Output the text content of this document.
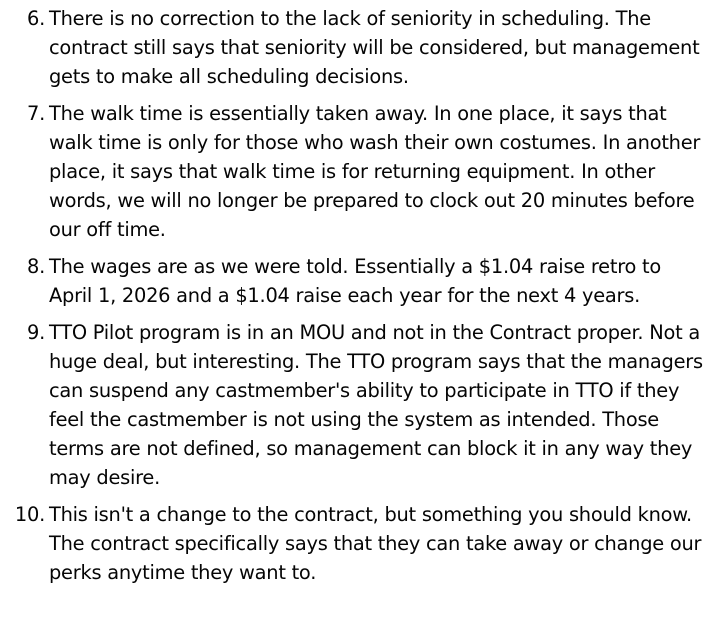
6. There is no correction to the lack of seniority in scheduling. The contract still says that seniority will be considered, but management gets to make all scheduling decisions.
7. The walk time is essentially taken away. In one place, it says that walk time is only for those who wash their own costumes. In another place, it says that walk time is for returning equipment. In other words, we will no longer be prepared to clock out 20 minutes before our off time.
8. The wages are as we were told. Essentially a $1.04 raise retro to April 1, 2026 and a $1.04 raise each year for the next 4 years.
9. TTO Pilot program is in an MOU and not in the Contract proper. Not a huge deal, but interesting. The TTO program says that the managers can suspend any castmember's ability to participate in TTO if they feel the castmember is not using the system as intended. Those terms are not defined, so management can block it in any way they may desire.
10. This isn't a change to the contract, but something you should know. The contract specifically says that they can take away or change our perks anytime they want to.
